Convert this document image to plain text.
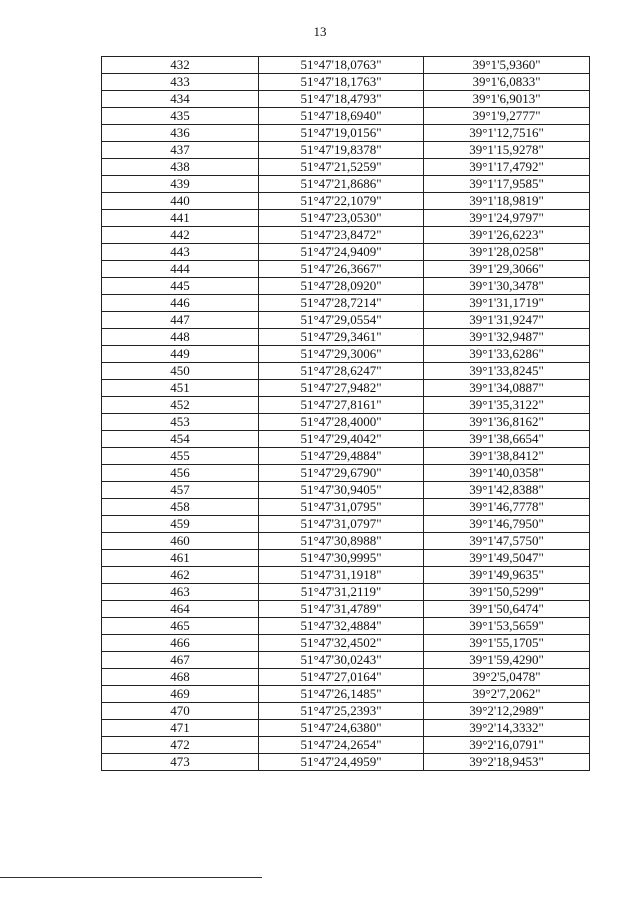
13
432	51°47'18,0763"	39°1'5,9360"
433	51°47'18,1763"	39°1'6,0833"
434	51°47'18,4793"	39°1'6,9013"
435	51°47'18,6940"	39°1'9,2777"
436	51°47'19,0156"	39°1'12,7516"
437	51°47'19,8378"	39°1'15,9278"
438	51°47'21,5259"	39°1'17,4792"
439	51°47'21,8686"	39°1'17,9585"
440	51°47'22,1079"	39°1'18,9819"
441	51°47'23,0530"	39°1'24,9797"
442	51°47'23,8472"	39°1'26,6223"
443	51°47'24,9409"	39°1'28,0258"
444	51°47'26,3667"	39°1'29,3066"
445	51°47'28,0920"	39°1'30,3478"
446	51°47'28,7214"	39°1'31,1719"
447	51°47'29,0554"	39°1'31,9247"
448	51°47'29,3461"	39°1'32,9487"
449	51°47'29,3006"	39°1'33,6286"
450	51°47'28,6247"	39°1'33,8245"
451	51°47'27,9482"	39°1'34,0887"
452	51°47'27,8161"	39°1'35,3122"
453	51°47'28,4000"	39°1'36,8162"
454	51°47'29,4042"	39°1'38,6654"
455	51°47'29,4884"	39°1'38,8412"
456	51°47'29,6790"	39°1'40,0358"
457	51°47'30,9405"	39°1'42,8388"
458	51°47'31,0795"	39°1'46,7778"
459	51°47'31,0797"	39°1'46,7950"
460	51°47'30,8988"	39°1'47,5750"
461	51°47'30,9995"	39°1'49,5047"
462	51°47'31,1918"	39°1'49,9635"
463	51°47'31,2119"	39°1'50,5299"
464	51°47'31,4789"	39°1'50,6474"
465	51°47'32,4884"	39°1'53,5659"
466	51°47'32,4502"	39°1'55,1705"
467	51°47'30,0243"	39°1'59,4290"
468	51°47'27,0164"	39°2'5,0478"
469	51°47'26,1485"	39°2'7,2062"
470	51°47'25,2393"	39°2'12,2989"
471	51°47'24,6380"	39°2'14,3332"
472	51°47'24,2654"	39°2'16,0791"
473	51°47'24,4959"	39°2'18,9453"
